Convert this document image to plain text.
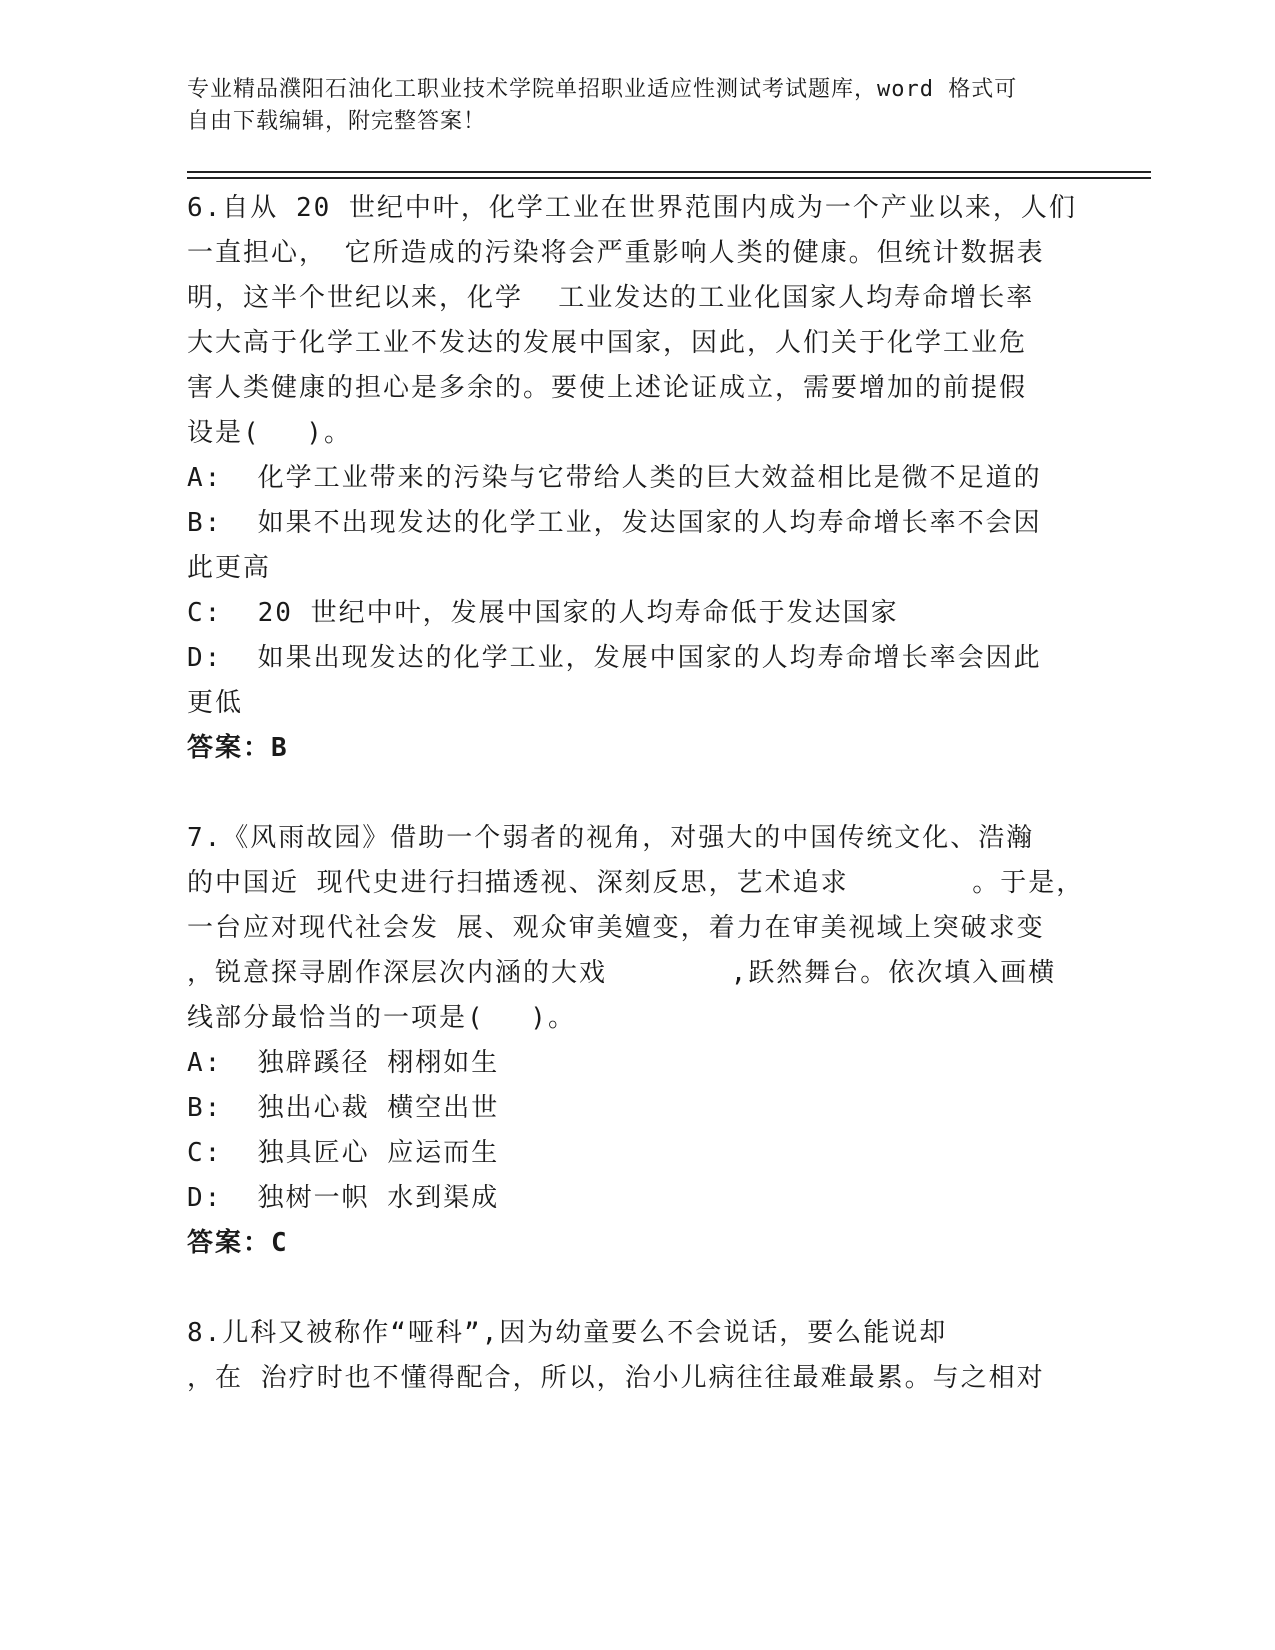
专业精品濮阳石油化工职业技术学院单招职业适应性测试考试题库，word 格式可
自由下载编辑，附完整答案！
6.自从 20 世纪中叶，化学工业在世界范围内成为一个产业以来，人们
一直担心， 它所造成的污染将会严重影响人类的健康。但统计数据表
明，这半个世纪以来，化学  工业发达的工业化国家人均寿命增长率
大大高于化学工业不发达的发展中国家，因此，人们关于化学工业危
害人类健康的担心是多余的。要使上述论证成立，需要增加的前提假
设是(　 )。
A:  化学工业带来的污染与它带给人类的巨大效益相比是微不足道的
B:  如果不出现发达的化学工业，发达国家的人均寿命增长率不会因
此更高
C:  20 世纪中叶，发展中国家的人均寿命低于发达国家
D:  如果出现发达的化学工业，发展中国家的人均寿命增长率会因此
更低
答案：B
7.《风雨故园》借助一个弱者的视角，对强大的中国传统文化、浩瀚
的中国近 现代史进行扫描透视、深刻反思，艺术追求       。于是，
一台应对现代社会发 展、观众审美嬗变，着力在审美视域上突破求变
，锐意探寻剧作深层次内涵的大戏       ,跃然舞台。依次填入画横
线部分最恰当的一项是(　 )。
A:  独辟蹊径 栩栩如生
B:  独出心裁 横空出世
C:  独具匠心 应运而生
D:  独树一帜 水到渠成
答案：C
8.儿科又被称作“哑科”,因为幼童要么不会说话，要么能说却
，在 治疗时也不懂得配合，所以，治小儿病往往最难最累。与之相对
